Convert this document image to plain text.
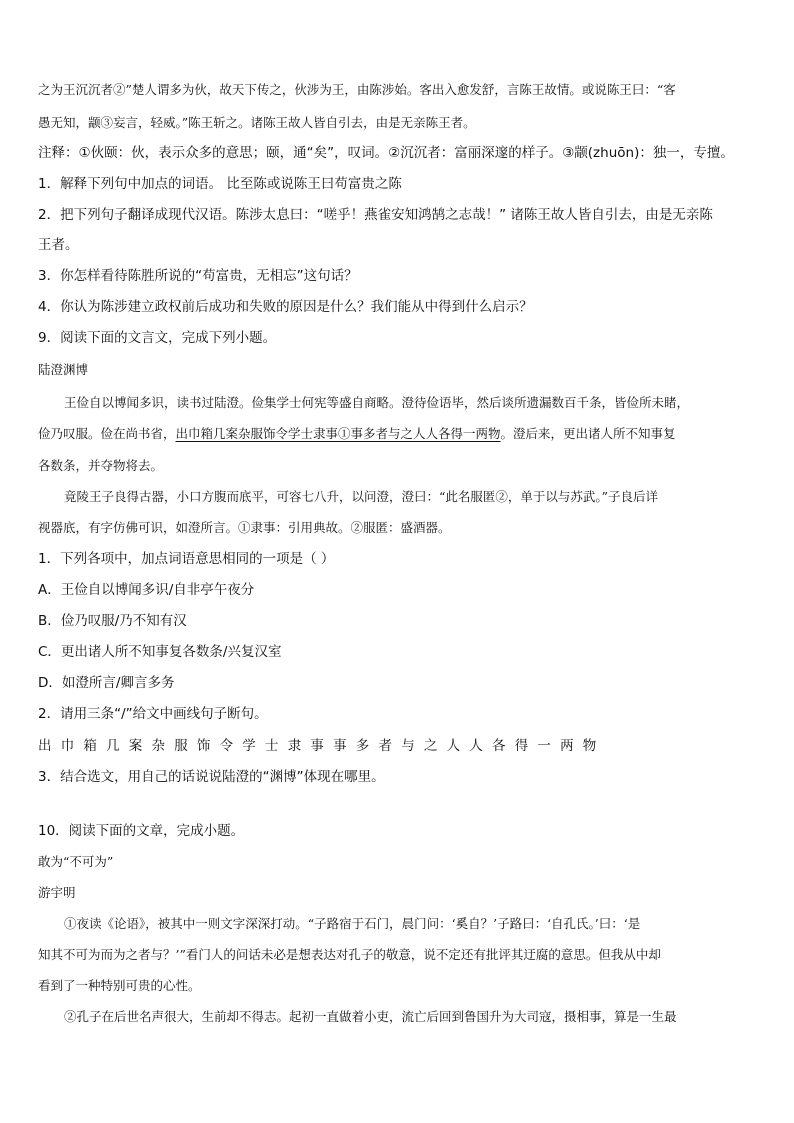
之为王沉沉者②”楚人谓多为伙，故天下传之，伙涉为王，由陈涉始。客出入愈发舒，言陈王故情。或说陈王曰：“客
愚无知，颛③妄言，轻威。”陈王斩之。诸陈王故人皆自引去，由是无亲陈王者。
注释：①伙颐：伙，表示众多的意思；颐，通“矣”，叹词。②沉沉者：富丽深邃的样子。③颛(zhuōn)：独一，专擅。
1．解释下列句中加点的词语。 比至陈或说陈王曰苟富贵之陈
2．把下列句子翻译成现代汉语。陈涉太息曰：“嗟乎！燕雀安知鸿鹄之志哉！” 诸陈王故人皆自引去，由是无亲陈
王者。
3．你怎样看待陈胜所说的“苟富贵，无相忘”这句话？
4．你认为陈涉建立政权前后成功和失败的原因是什么？我们能从中得到什么启示？
9．阅读下面的文言文，完成下列小题。
陆澄渊博
王俭自以博闻多识，读书过陆澄。俭集学士何宪等盛自商略。澄待俭语毕，然后谈所遗漏数百千条，皆俭所未睹，
俭乃叹服。俭在尚书省，出巾箱几案杂服饰令学士隶事①事多者与之人人各得一两物。澄后来，更出诸人所不知事复
各数条，并夺物将去。
竟陵王子良得古器，小口方腹而底平，可容七八升，以问澄，澄曰：“此名服匿②，单于以与苏武。”子良后详
视器底，有字仿佛可识，如澄所言。①隶事：引用典故。②服匿：盛酒器。
1．下列各项中，加点词语意思相同的一项是（ ）
A．王俭自以博闻多识/自非亭午夜分
B．俭乃叹服/乃不知有汉
C．更出诸人所不知事复各数条/兴复汉室
D．如澄所言/卿言多务
2．请用三条“/”给文中画线句子断句。
出巾箱几案杂服饰令学士隶事事多者与之人人各得一两物
3．结合选文，用自己的话说说陆澄的“渊博”体现在哪里。
10．阅读下面的文章，完成小题。
敢为“不可为”
游宇明
①夜读《论语》，被其中一则文字深深打动。“子路宿于石门，晨门问：‘奚自？’子路曰：‘自孔氏。’曰：‘是
知其不可为而为之者与？’”看门人的问话未必是想表达对孔子的敬意，说不定还有批评其迂腐的意思。但我从中却
看到了一种特别可贵的心性。
②孔子在后世名声很大，生前却不得志。起初一直做着小吏，流亡后回到鲁国升为大司寇，摄相事，算是一生最
